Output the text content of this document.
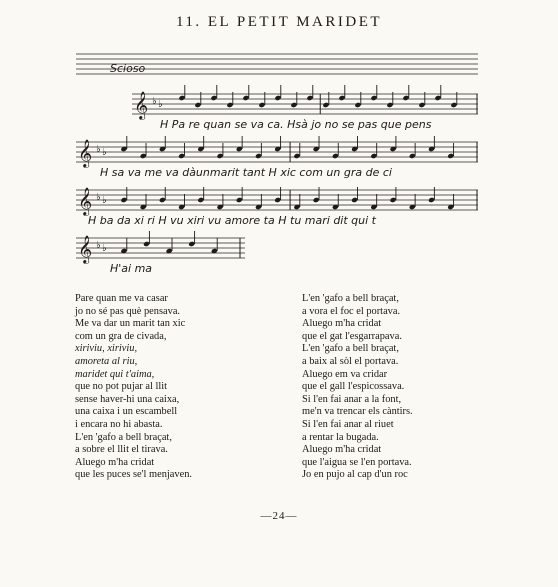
11. EL PETIT MARIDET
Scioso
𝄞 ♭ ♭
𝄞 ♭ ♭
𝄞 ♭ ♭
𝄞 ♭ ♭
H Pa re quan se va ca. Hsà jo no se pas que pens
H sa va me va dàunmarit tant H xic com un gra de ci
H ba da xi ri H vu xiri vu amore ta H tu mari dit qui t
H'ai ma
Pare quan me va casar
jo no sé pas què pensava.
Me va dar un marit tan xic
com un gra de civada,
xiriviu, xiriviu,
amoreta al riu,
maridet qui t'aima,
que no pot pujar al llit
sense haver-hi una caixa,
una caixa i un escambell
i encara no hi abasta.
L'en 'gafo a bell braçat,
a sobre el llit el tirava.
Aluego m'ha cridat
que les puces se'l menjaven.
L'en 'gafo a bell braçat,
a vora el foc el portava.
Aluego m'ha cridat
que el gat l'esgarrapava.
L'en 'gafo a bell braçat,
a baix al sòl el portava.
Aluego em va cridar
que el gall l'espicossava.
Si l'en fai anar a la font,
me'n va trencar els càntirs.
Si l'en fai anar al riuet
a rentar la bugada.
Aluego m'ha cridat
que l'aigua se l'en portava.
Jo en pujo al cap d'un roc
—24—
